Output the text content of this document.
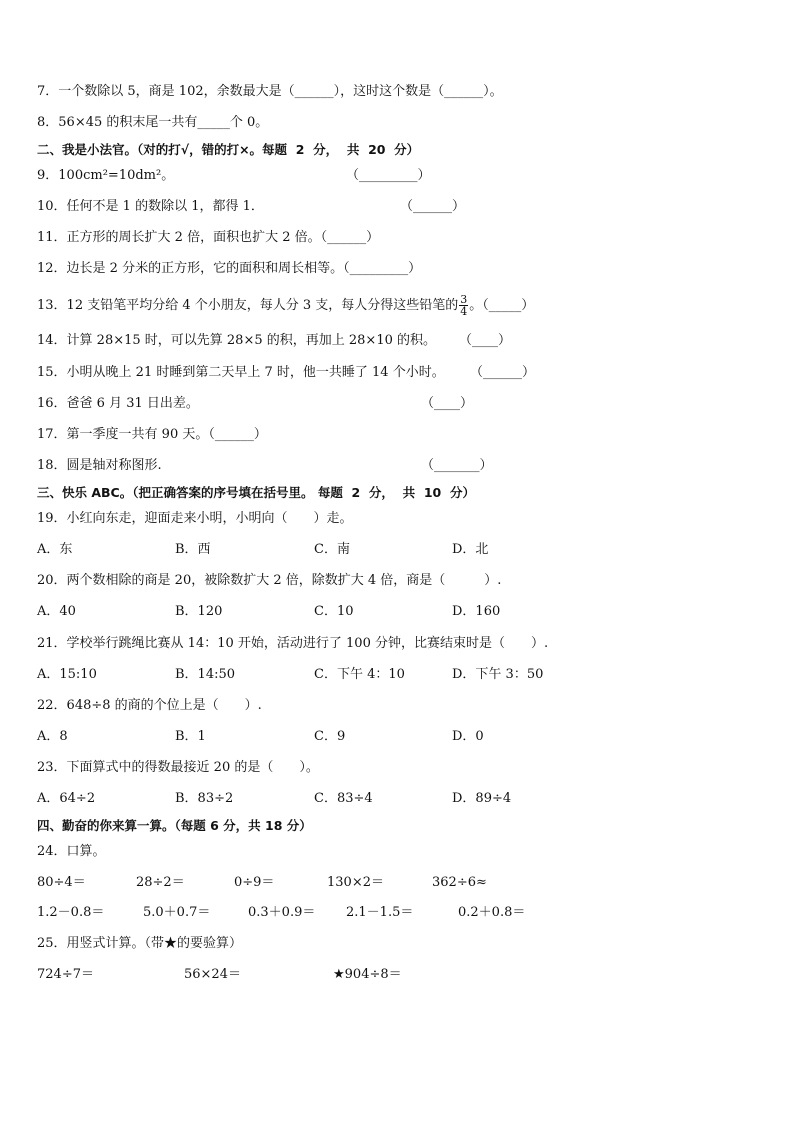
7．一个数除以 5，商是 102，余数最大是（______），这时这个数是（______）。
8．56×45 的积末尾一共有_____个 0。
二、我是小法官。（对的打√，错的打×。每题  2  分，  共  20  分）
9．100cm²=10dm²。	（_________）
10．任何不是 1 的数除以 1，都得 1．	（______）
11．正方形的周长扩大 2 倍，面积也扩大 2 倍。（______）
12．边长是 2 分米的正方形，它的面积和周长相等。（_________）
13．12 支铅笔平均分给 4 个小朋友，每人分 3 支，每人分得这些铅笔的 $\frac{3}{4}$ 。（_____）
14．计算 28×15 时，可以先算 28×5 的积，再加上 28×10 的积。 （____）
15．小明从晚上 21 时睡到第二天早上 7 时，他一共睡了 14 个小时。 （______）
16．爸爸 6 月 31 日出差。	（____）
17．第一季度一共有 90 天。（______）
18．圆是轴对称图形.	（_______）
三、快乐 ABC。（把正确答案的序号填在括号里。 每题  2  分，  共  10  分）
19．小红向东走，迎面走来小明，小明向（　　）走。
A．东	B．西	C．南	D．北
20．两个数相除的商是 20，被除数扩大 2 倍，除数扩大 4 倍，商是（　　　）.
A．40	B．120	C．10	D．160
21．学校举行跳绳比赛从 14：10 开始，活动进行了 100 分钟，比赛结束时是（　　）.
A．15:10	B．14:50	C．下午 4：10	D．下午 3：50
22．648÷8 的商的个位上是（　　）.
A．8	B．1	C．9	D．0
23．下面算式中的得数最接近 20 的是（　　）。
A．64÷2	B．83÷2	C．83÷4	D．89÷4
四、勤奋的你来算一算。（每题 6 分，共 18 分）
24．口算。
80÷4＝	28÷2＝	0÷9＝	130×2＝	362÷6≈
1.2－0.8＝	5.0＋0.7＝	0.3＋0.9＝ 2.1－1.5＝	0.2＋0.8＝
25．用竖式计算。（带★的要验算）
724÷7＝	56×24＝	★904÷8＝
